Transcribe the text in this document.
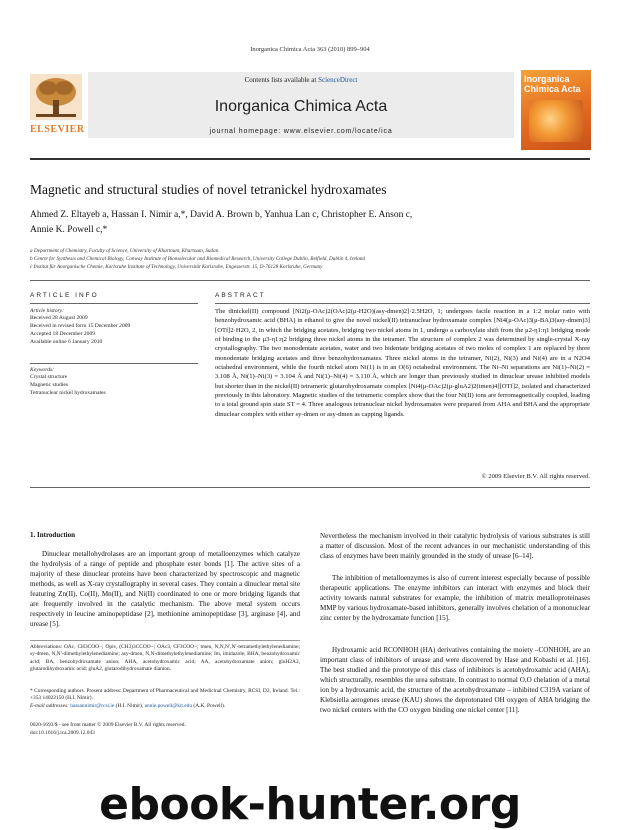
Inorganica Chimica Acta 363 (2010) 899–904
Contents lists available at ScienceDirect
Inorganica Chimica Acta
journal homepage: www.elsevier.com/locate/ica
ELSEVIER
Inorganica
Chimica Acta
Magnetic and structural studies of novel tetranickel hydroxamates
Ahmed Z. Eltayeb a, Hassan I. Nimir a,*, David A. Brown b, Yanhua Lan c, Christopher E. Anson c,
Annie K. Powell c,*
a Department of Chemistry, Faculty of Science, University of Khartoum, Khartoum, Sudan
b Centre for Synthesis and Chemical Biology, Conway Institute of Biomolecular and Biomedical Research, University College Dublin, Belfield, Dublin 4, Ireland
c Institut für Anorganische Chemie, Karlsruhe Institute of Technology, Universität Karlsruhe, Engesserstr. 15, D-76128 Karlsruhe, Germany
ARTICLE INFO
Article history:
Received 28 August 2009
Received in revised form 15 December 2009
Accepted 18 December 2009
Available online 6 January 2010
Keywords:
Crystal structure
Magnetic studies
Tetranuclear nickel hydroxamates
ABSTRACT
The dinickel(II) compound [Ni2(μ-OAc)2(OAc)2(μ-H2O)(asy-dmen)2]·2.5H2O, 1; undergoes facile reaction in a 1:2 molar ratio with benzohydroxamic acid (BHA) in ethanol to give the novel nickel(II) tetranuclear hydroxamate complex [Ni4(μ-OAc)3(μ-BA)3(asy-dmen)3][OTf]2·H2O, 2, in which the bridging acetates, bridging two nickel atoms in 1, undergo a carboxylate shift from the μ2-η1:η1 bridging mode of binding to the μ3-η1:η2 bridging three nickel atoms in the tetramer. The structure of complex 2 was determined by single-crystal X-ray crystallography. The two monodentate acetates, water and two bidentate bridging acetates of two moles of complex 1 are replaced by three monodentate bridging acetates and three benzohydroxamates. Three nickel atoms in the tetramer, Ni(2), Ni(3) and Ni(4) are in a N2O4 octahedral environment, while the fourth nickel atom Ni(1) is in an O(6) octahedral environment. The Ni–Ni separations are Ni(1)–Ni(2) = 3.108 Å, Ni(1)–Ni(3) = 3.104 Å and Ni(1)–Ni(4) = 3.110 Å, which are longer than previously studied in dinuclear urease inhibited models but shorter than in the nickel(II) tetrameric glutarohydroxamate complex [Ni4(μ-OAc)2(μ-gluA2)2(tmen)4][OTf]2, isolated and characterized previously in this laboratory. Magnetic studies of the tetrameric complex show that the four Ni(II) ions are ferromagnetically coupled, leading to a total ground spin state ST = 4. Three analogous tetranuclear nickel hydroxamates were prepared from AHA and BHA and the appropriate dinuclear complex with either sy-dmen or asy-dmen as capping ligands.
© 2009 Elsevier B.V. All rights reserved.
1. Introduction

Dinuclear metallohydrolases are an important group of metalloenzymes which catalyze the hydrolysis of a range of peptide and phosphate ester bonds [1]. The active sites of a majority of these dinuclear proteins have been characterized by spectroscopic and magnetic methods, as well as X-ray crystallography in several cases. They contain a dinuclear metal site featuring Zn(II), Co(II), Mn(II), and Ni(II) coordinated to one or more bridging ligands that are frequently involved in the catalytic mechanism. The above metal system occurs respectively in leucine aminopeptidase [2], methionine aminopeptidase [3], arginase [4], and urease [5].

Abbreviations: OAc, CH3COO−; Opiv, (CH3)3CCOO−; OAc3, CF3COO−; tmen, N,N,N′,N′-tetramethylethylenediamine; sy-dmen, N,N′-dimethylethylenediamine; asy-dmen, N,N-dimethylethylenediamine; Im, imidazole; BHA, benzohydroxamic acid; BA, benzohydroxamate anion; AHA, acetohydroxamic acid; AA, acetohydroxamate anion; gluH2A2, glutarodihydroxamic acid; gluA2, glutarodihydroxamate dianion.
* Corresponding authors. Present address: Department of Pharmaceutical and Medicinal Chemistry, RCSI, D2, Ireland. Tel.: +353 14022150 (H.I. Nimir).
E-mail addresses: hassannimir@rcsi.ie (H.I. Nimir), annie.powell@kit.edu (A.K. Powell).
0020-1693/$ - see front matter © 2009 Elsevier B.V. All rights reserved.
doi:10.1016/j.ica.2009.12.043

Nevertheless the mechanism involved in their catalytic hydrolysis of various substrates is still a matter of discussion. Most of the recent advances in our mechanistic understanding of this class of enzymes have been mainly grounded in the study of urease [6–14].

The inhibition of metalloenzymes is also of current interest especially because of possible therapeutic applications. The enzyme inhibitors can interact with enzymes and block their activity towards natural substrates for example, the inhibition of matrix metalloproteinases MMP by various hydroxamate-based inhibitors, generally involves chelation of a mononuclear zinc center by the hydroxamate function [15].

Hydroxamic acid RCONHOH (HA) derivatives containing the moiety –CONHOH, are an important class of inhibitors of urease and were discovered by Hase and Kobashi et al. [16]. The best studied and the prototype of this class of inhibitors is acetohydroxamic acid (AHA), which structurally, resembles the urea substrate. In contrast to normal O,O chelation of a metal ion by a hydroxamic acid, the structure of the acetohydroxamate – inhibited C319A variant of Klebsiella aerogenes urease (KAU) shows the deprotonated OH oxygen of AHA bridging the two nickel centers with the CO oxygen binding one nickel center [11].

ebook-hunter.org
